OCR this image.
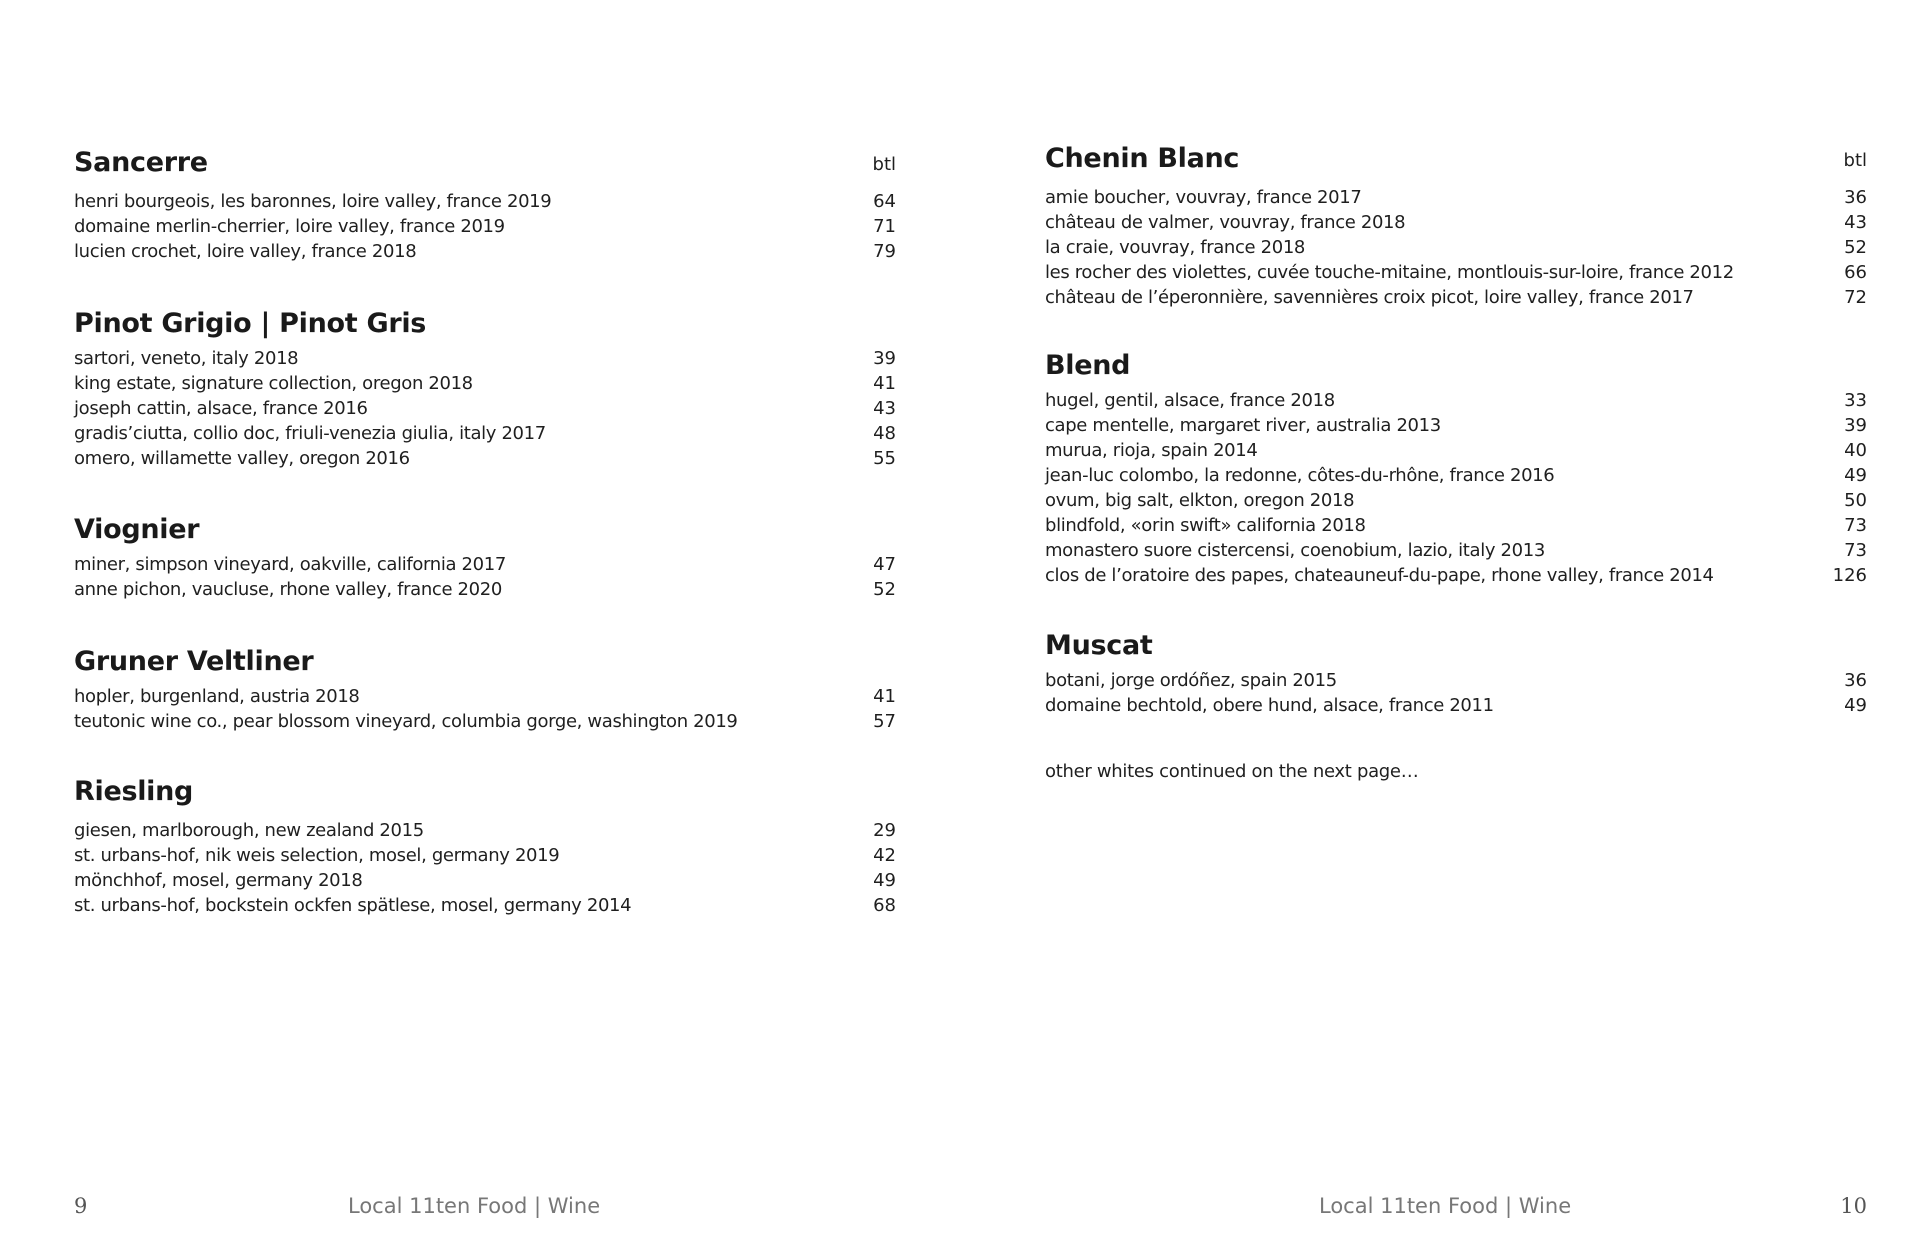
Sancerre	btl
henri bourgeois, les baronnes, loire valley, france 2019	64
domaine merlin-cherrier, loire valley, france 2019	71
lucien crochet, loire valley, france 2018	79
Pinot Grigio | Pinot Gris
sartori, veneto, italy 2018	39
king estate, signature collection, oregon 2018	41
joseph cattin, alsace, france 2016	43
gradis’ciutta, collio doc, friuli-venezia giulia, italy 2017	48
omero, willamette valley, oregon 2016	55
Viognier
miner, simpson vineyard, oakville, california 2017	47
anne pichon, vaucluse, rhone valley, france 2020	52
Gruner Veltliner
hopler, burgenland, austria 2018	41
teutonic wine co., pear blossom vineyard, columbia gorge, washington 2019	57
Riesling
giesen, marlborough, new zealand 2015	29
st. urbans-hof, nik weis selection, mosel, germany 2019	42
mönchhof, mosel, germany 2018	49
st. urbans-hof, bockstein ockfen spätlese, mosel, germany 2014	68
9	Local 11ten Food | Wine
Chenin Blanc	btl
amie boucher, vouvray, france 2017	36
château de valmer, vouvray, france 2018	43
la craie, vouvray, france 2018	52
les rocher des violettes, cuvée touche-mitaine, montlouis-sur-loire, france 2012	66
château de l’éperonnière, savennières croix picot, loire valley, france 2017	72
Blend
hugel, gentil, alsace, france 2018	33
cape mentelle, margaret river, australia 2013	39
murua, rioja, spain 2014	40
jean-luc colombo, la redonne, côtes-du-rhône, france 2016	49
ovum, big salt, elkton, oregon 2018	50
blindfold, «orin swift» california 2018	73
monastero suore cistercensi, coenobium, lazio, italy 2013	73
clos de l’oratoire des papes, chateauneuf-du-pape, rhone valley, france 2014	126
Muscat
botani, jorge ordóñez, spain 2015	36
domaine bechtold, obere hund, alsace, france 2011	49
other whites continued on the next page…
Local 11ten Food | Wine	10
